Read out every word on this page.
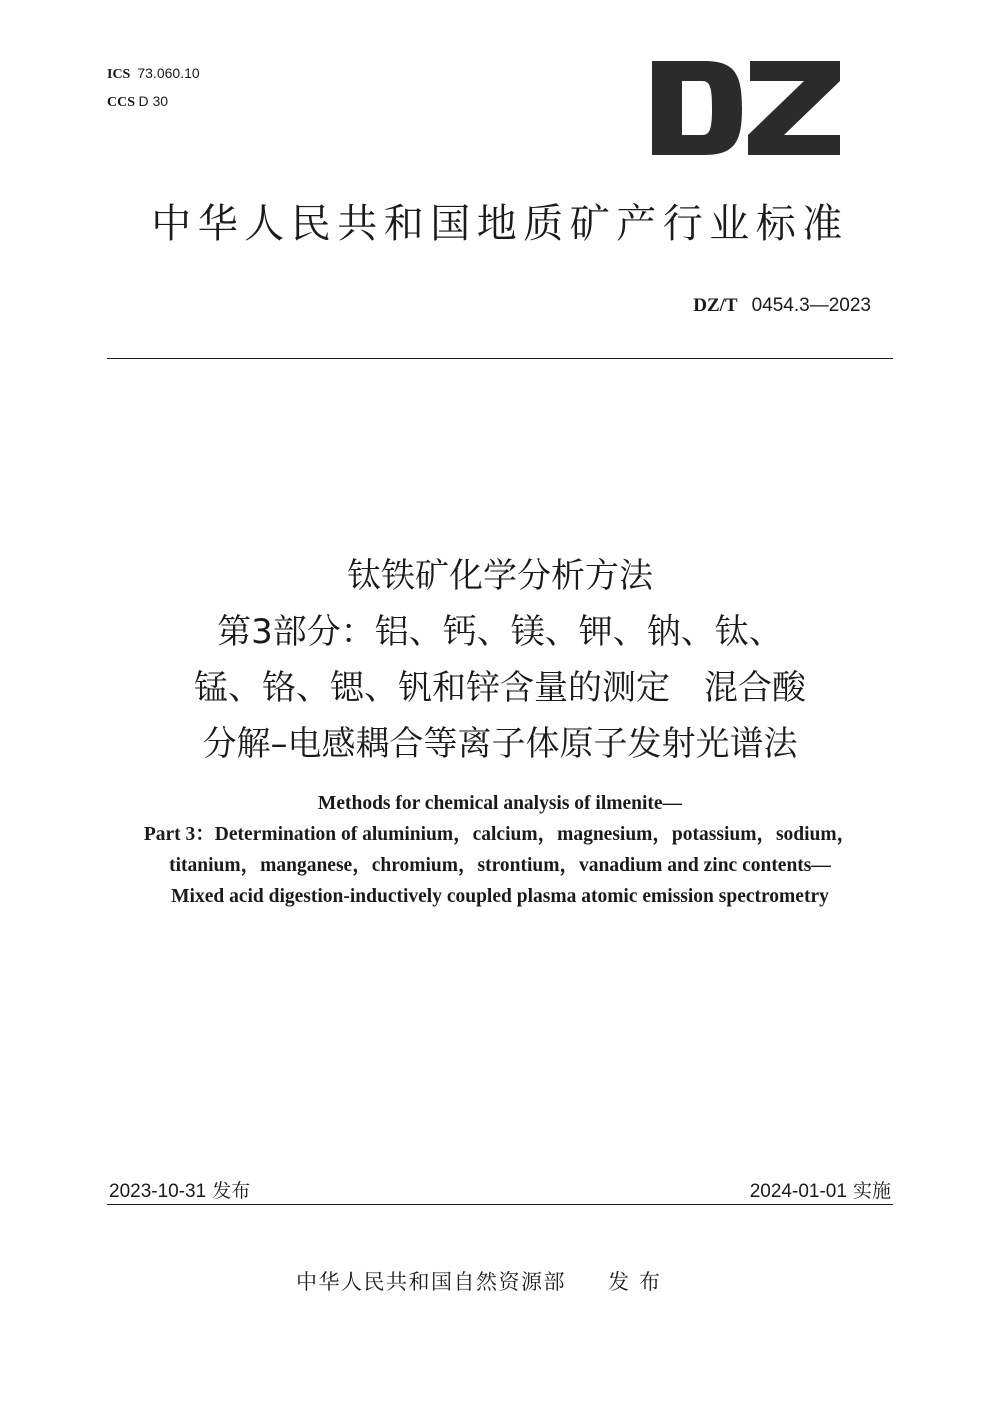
ICS 73.060.10
CCS D 30
中华人民共和国地质矿产行业标准
DZ/T 0454.3—2023
钛铁矿化学分析方法
第3部分：铝、钙、镁、钾、钠、钛、
锰、铬、锶、钒和锌含量的测定　混合酸
分解–电感耦合等离子体原子发射光谱法
Methods for chemical analysis of ilmenite—
Part 3：Determination of aluminium，calcium，magnesium，potassium，sodium，
titanium，manganese，chromium，strontium，vanadium and zinc contents—
Mixed acid digestion-inductively coupled plasma atomic emission spectrometry
2023-10-31 发布	2024-01-01 实施
中华人民共和国自然资源部 发布
